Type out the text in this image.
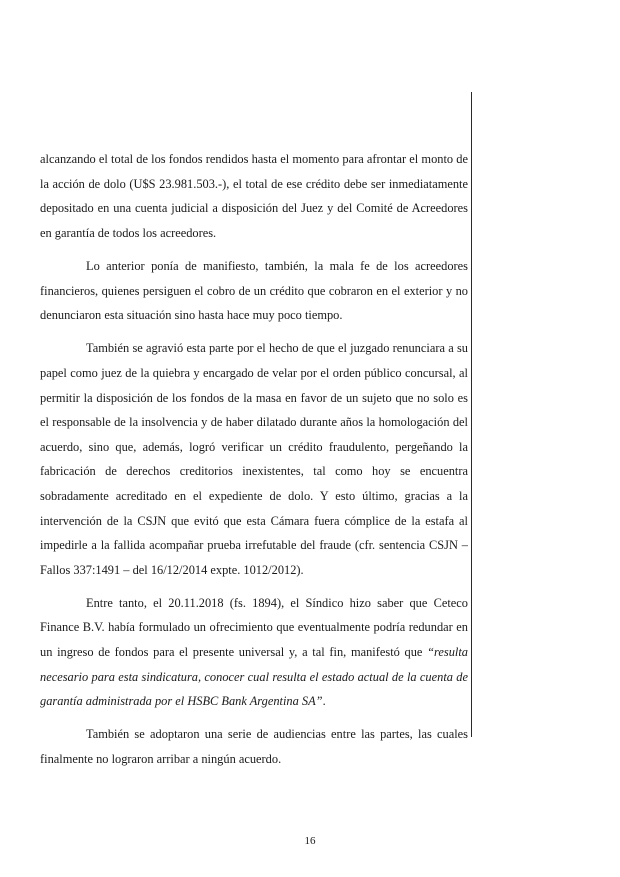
alcanzando el total de los fondos rendidos hasta el momento para afrontar el monto de la acción de dolo (U$S 23.981.503.-), el total de ese crédito debe ser inmediatamente depositado en una cuenta judicial a disposición del Juez y del Comité de Acreedores en garantía de todos los acreedores.

Lo anterior ponía de manifiesto, también, la mala fe de los acreedores financieros, quienes persiguen el cobro de un crédito que cobraron en el exterior y no denunciaron esta situación sino hasta hace muy poco tiempo.

También se agravió esta parte por el hecho de que el juzgado renunciara a su papel como juez de la quiebra y encargado de velar por el orden público concursal, al permitir la disposición de los fondos de la masa en favor de un sujeto que no solo es el responsable de la insolvencia y de haber dilatado durante años la homologación del acuerdo, sino que, además, logró verificar un crédito fraudulento, pergeñando la fabricación de derechos creditorios inexistentes, tal como hoy se encuentra sobradamente acreditado en el expediente de dolo. Y esto último, gracias a la intervención de la CSJN que evitó que esta Cámara fuera cómplice de la estafa al impedirle a la fallida acompañar prueba irrefutable del fraude (cfr. sentencia CSJN – Fallos 337:1491 – del 16/12/2014 expte. 1012/2012).

Entre tanto, el 20.11.2018 (fs. 1894), el Síndico hizo saber que Ceteco Finance B.V. había formulado un ofrecimiento que eventualmente podría redundar en un ingreso de fondos para el presente universal y, a tal fin, manifestó que “resulta necesario para esta sindicatura, conocer cual resulta el estado actual de la cuenta de garantía administrada por el HSBC Bank Argentina SA”.

También se adoptaron una serie de audiencias entre las partes, las cuales finalmente no lograron arribar a ningún acuerdo.

16
